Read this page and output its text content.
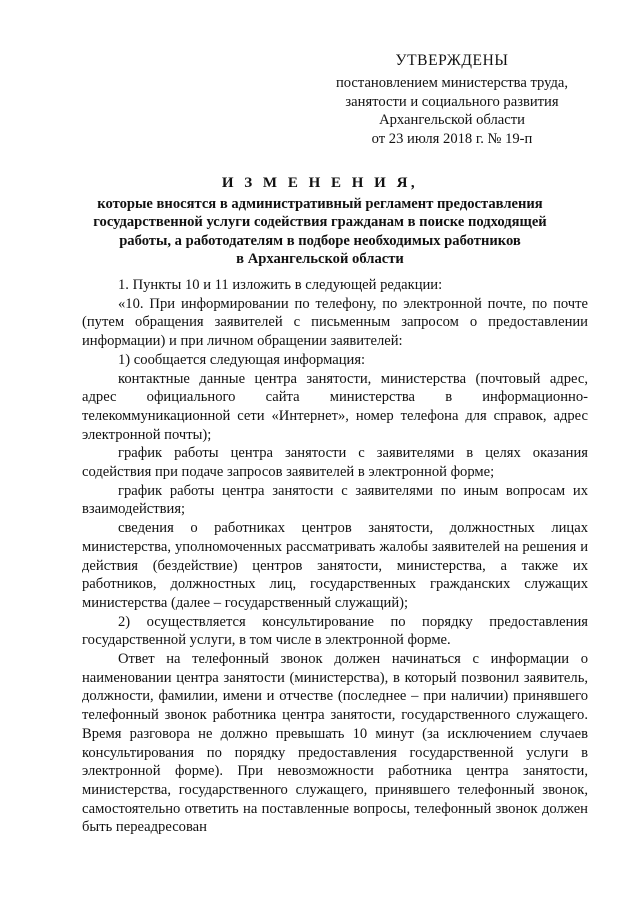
УТВЕРЖДЕНЫ
постановлением министерства труда,
занятости и социального развития
Архангельской области
от 23 июля 2018 г. № 19-п
И З М Е Н Е Н И Я,
которые вносятся в административный регламент предоставления
государственной услуги содействия гражданам в поиске подходящей
работы, а работодателям в подборе необходимых работников
в Архангельской области

1. Пункты 10 и 11 изложить в следующей редакции:

«10. При информировании по телефону, по электронной почте, по почте (путем обращения заявителей с письменным запросом о предоставлении информации) и при личном обращении заявителей:

1) сообщается следующая информация:

контактные данные центра занятости, министерства (почтовый адрес, адрес официального сайта министерства в информационно-телекоммуникационной сети «Интернет», номер телефона для справок, адрес электронной почты);

график работы центра занятости с заявителями в целях оказания содействия при подаче запросов заявителей в электронной форме;

график работы центра занятости с заявителями по иным вопросам их взаимодействия;

сведения о работниках центров занятости, должностных лицах министерства, уполномоченных рассматривать жалобы заявителей на решения и действия (бездействие) центров занятости, министерства, а также их работников, должностных лиц, государственных гражданских служащих министерства (далее – государственный служащий);

2) осуществляется консультирование по порядку предоставления государственной услуги, в том числе в электронной форме.

Ответ на телефонный звонок должен начинаться с информации о наименовании центра занятости (министерства), в который позвонил заявитель, должности, фамилии, имени и отчестве (последнее – при наличии) принявшего телефонный звонок работника центра занятости, государственного служащего. Время разговора не должно превышать 10 минут (за исключением случаев консультирования по порядку предоставления государственной услуги в электронной форме). При невозможности работника центра занятости, министерства, государственного служащего, принявшего телефонный звонок, самостоятельно ответить на поставленные вопросы, телефонный звонок должен быть переадресован
